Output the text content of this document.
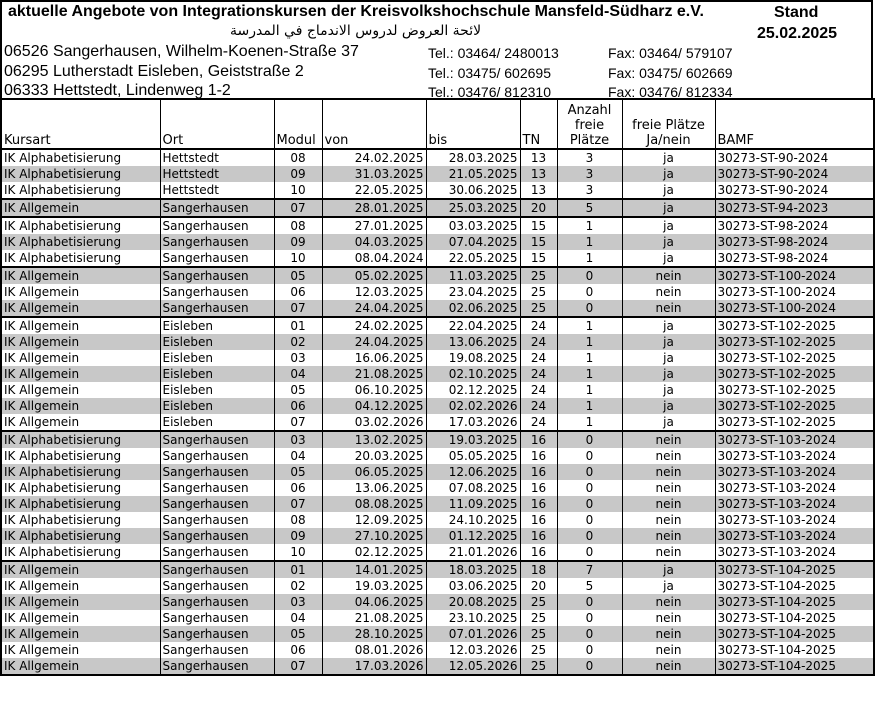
aktuelle Angebote von Integrationskursen der Kreisvolkshochschule Mansfeld-Südharz e.V.
لائحة العروض لدروس الاندماج في المدرسة
Stand
25.02.2025
06526 Sangerhausen, Wilhelm-Koenen-Straße 37	Tel.: 03464/ 2480013	Fax: 03464/ 579107
06295 Lutherstadt Eisleben, Geiststraße 2	Tel.: 03475/ 602695	Fax: 03475/ 602669
06333 Hettstedt, Lindenweg 1-2	Tel.: 03476/ 812310	Fax: 03476/ 812334
Kursart	Ort	Modul	von	bis	TN	Anzahl freie Plätze	freie Plätze Ja/nein	BAMF
IK Alphabetisierung	Hettstedt	08	24.02.2025	28.03.2025	13	3	ja	30273-ST-90-2024
IK Alphabetisierung	Hettstedt	09	31.03.2025	21.05.2025	13	3	ja	30273-ST-90-2024
IK Alphabetisierung	Hettstedt	10	22.05.2025	30.06.2025	13	3	ja	30273-ST-90-2024
IK Allgemein	Sangerhausen	07	28.01.2025	25.03.2025	20	5	ja	30273-ST-94-2023
IK Alphabetisierung	Sangerhausen	08	27.01.2025	03.03.2025	15	1	ja	30273-ST-98-2024
IK Alphabetisierung	Sangerhausen	09	04.03.2025	07.04.2025	15	1	ja	30273-ST-98-2024
IK Alphabetisierung	Sangerhausen	10	08.04.2024	22.05.2025	15	1	ja	30273-ST-98-2024
IK Allgemein	Sangerhausen	05	05.02.2025	11.03.2025	25	0	nein	30273-ST-100-2024
IK Allgemein	Sangerhausen	06	12.03.2025	23.04.2025	25	0	nein	30273-ST-100-2024
IK Allgemein	Sangerhausen	07	24.04.2025	02.06.2025	25	0	nein	30273-ST-100-2024
IK Allgemein	Eisleben	01	24.02.2025	22.04.2025	24	1	ja	30273-ST-102-2025
IK Allgemein	Eisleben	02	24.04.2025	13.06.2025	24	1	ja	30273-ST-102-2025
IK Allgemein	Eisleben	03	16.06.2025	19.08.2025	24	1	ja	30273-ST-102-2025
IK Allgemein	Eisleben	04	21.08.2025	02.10.2025	24	1	ja	30273-ST-102-2025
IK Allgemein	Eisleben	05	06.10.2025	02.12.2025	24	1	ja	30273-ST-102-2025
IK Allgemein	Eisleben	06	04.12.2025	02.02.2026	24	1	ja	30273-ST-102-2025
IK Allgemein	Eisleben	07	03.02.2026	17.03.2026	24	1	ja	30273-ST-102-2025
IK Alphabetisierung	Sangerhausen	03	13.02.2025	19.03.2025	16	0	nein	30273-ST-103-2024
IK Alphabetisierung	Sangerhausen	04	20.03.2025	05.05.2025	16	0	nein	30273-ST-103-2024
IK Alphabetisierung	Sangerhausen	05	06.05.2025	12.06.2025	16	0	nein	30273-ST-103-2024
IK Alphabetisierung	Sangerhausen	06	13.06.2025	07.08.2025	16	0	nein	30273-ST-103-2024
IK Alphabetisierung	Sangerhausen	07	08.08.2025	11.09.2025	16	0	nein	30273-ST-103-2024
IK Alphabetisierung	Sangerhausen	08	12.09.2025	24.10.2025	16	0	nein	30273-ST-103-2024
IK Alphabetisierung	Sangerhausen	09	27.10.2025	01.12.2025	16	0	nein	30273-ST-103-2024
IK Alphabetisierung	Sangerhausen	10	02.12.2025	21.01.2026	16	0	nein	30273-ST-103-2024
IK Allgemein	Sangerhausen	01	14.01.2025	18.03.2025	18	7	ja	30273-ST-104-2025
IK Allgemein	Sangerhausen	02	19.03.2025	03.06.2025	20	5	ja	30273-ST-104-2025
IK Allgemein	Sangerhausen	03	04.06.2025	20.08.2025	25	0	nein	30273-ST-104-2025
IK Allgemein	Sangerhausen	04	21.08.2025	23.10.2025	25	0	nein	30273-ST-104-2025
IK Allgemein	Sangerhausen	05	28.10.2025	07.01.2026	25	0	nein	30273-ST-104-2025
IK Allgemein	Sangerhausen	06	08.01.2026	12.03.2026	25	0	nein	30273-ST-104-2025
IK Allgemein	Sangerhausen	07	17.03.2026	12.05.2026	25	0	nein	30273-ST-104-2025
